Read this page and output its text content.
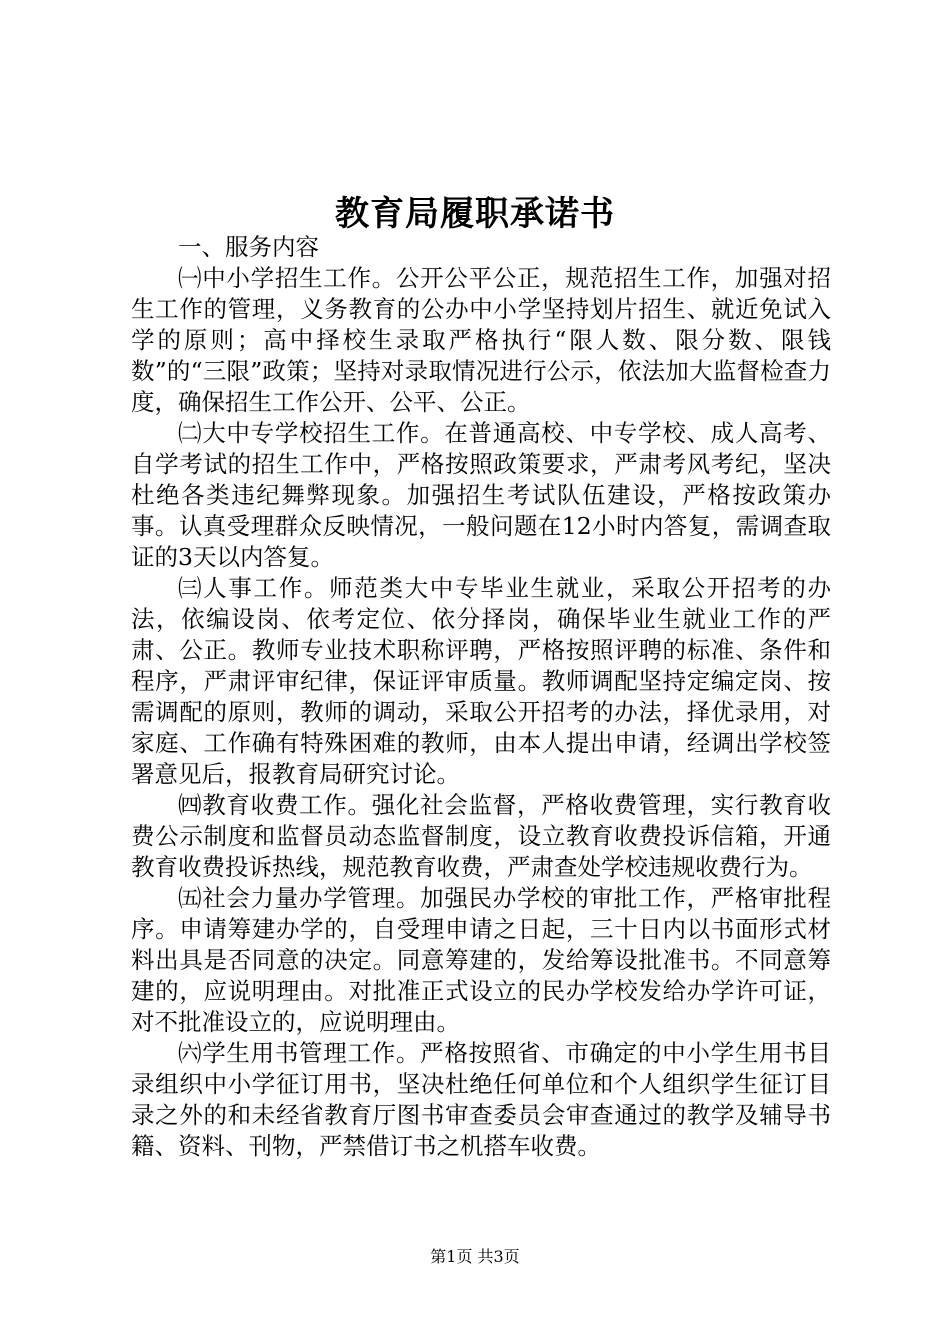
教育局履职承诺书

一、服务内容

㈠中小学招生工作。公开公平公正，规范招生工作，加强对招生工作的管理，义务教育的公办中小学坚持划片招生、就近免试入学的原则；高中择校生录取严格执行“限人数、限分数、限钱数”的“三限”政策；坚持对录取情况进行公示，依法加大监督检查力度，确保招生工作公开、公平、公正。

㈡大中专学校招生工作。在普通高校、中专学校、成人高考、自学考试的招生工作中，严格按照政策要求，严肃考风考纪，坚决杜绝各类违纪舞弊现象。加强招生考试队伍建设，严格按政策办事。认真受理群众反映情况，一般问题在12小时内答复，需调查取证的3天以内答复。

㈢人事工作。师范类大中专毕业生就业，采取公开招考的办法，依编设岗、依考定位、依分择岗，确保毕业生就业工作的严肃、公正。教师专业技术职称评聘，严格按照评聘的标准、条件和程序，严肃评审纪律，保证评审质量。教师调配坚持定编定岗、按需调配的原则，教师的调动，采取公开招考的办法，择优录用，对家庭、工作确有特殊困难的教师，由本人提出申请，经调出学校签署意见后，报教育局研究讨论。

㈣教育收费工作。强化社会监督，严格收费管理，实行教育收费公示制度和监督员动态监督制度，设立教育收费投诉信箱，开通教育收费投诉热线，规范教育收费，严肃查处学校违规收费行为。

㈤社会力量办学管理。加强民办学校的审批工作，严格审批程序。申请筹建办学的，自受理申请之日起，三十日内以书面形式材料出具是否同意的决定。同意筹建的，发给筹设批准书。不同意筹建的，应说明理由。对批准正式设立的民办学校发给办学许可证，对不批准设立的，应说明理由。

㈥学生用书管理工作。严格按照省、市确定的中小学生用书目录组织中小学征订用书，坚决杜绝任何单位和个人组织学生征订目录之外的和未经省教育厅图书审查委员会审查通过的教学及辅导书籍、资料、刊物，严禁借订书之机搭车收费。

第1页 共3页
